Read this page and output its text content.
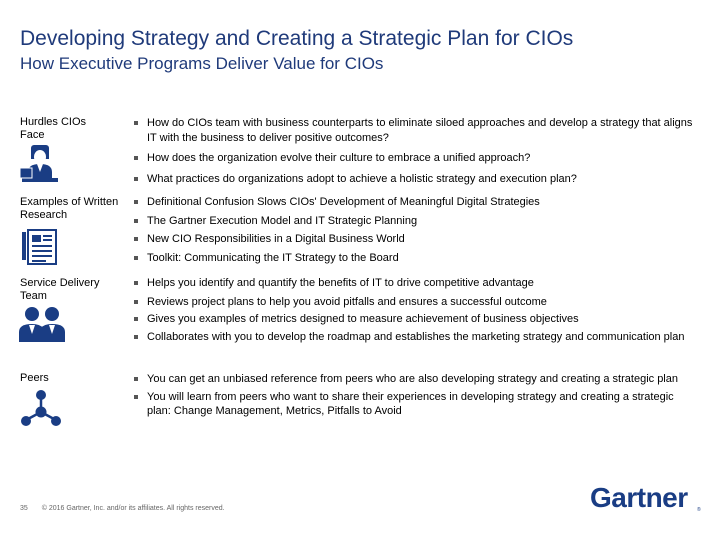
Developing Strategy and Creating a Strategic Plan for CIOs
How Executive Programs Deliver Value for CIOs
Hurdles CIOs Face
How do CIOs team with business counterparts to eliminate siloed approaches and develop a strategy that aligns IT with the business to deliver positive outcomes?
How does the organization evolve their culture to embrace a unified approach?
What practices do organizations adopt to achieve a holistic strategy and execution plan?
Examples of Written Research
Definitional Confusion Slows CIOs' Development of Meaningful Digital Strategies
The Gartner Execution Model and IT Strategic Planning
New CIO Responsibilities in a Digital Business World
Toolkit: Communicating the IT Strategy to the Board
Service Delivery Team
Helps you identify and quantify the benefits of IT to drive competitive advantage
Reviews project plans to help you avoid pitfalls and ensures a successful outcome
Gives you examples of metrics designed to measure achievement of business objectives
Collaborates with you to develop the roadmap and establishes the marketing strategy and communication plan
Peers	You can get an unbiased reference from peers who are also developing strategy and creating a strategic plan
You will learn from peers who want to share their experiences in developing strategy and creating a strategic plan: Change Management, Metrics, Pitfalls to Avoid
35 © 2016 Gartner, Inc. and/or its affiliates. All rights reserved.	Gartner ®
